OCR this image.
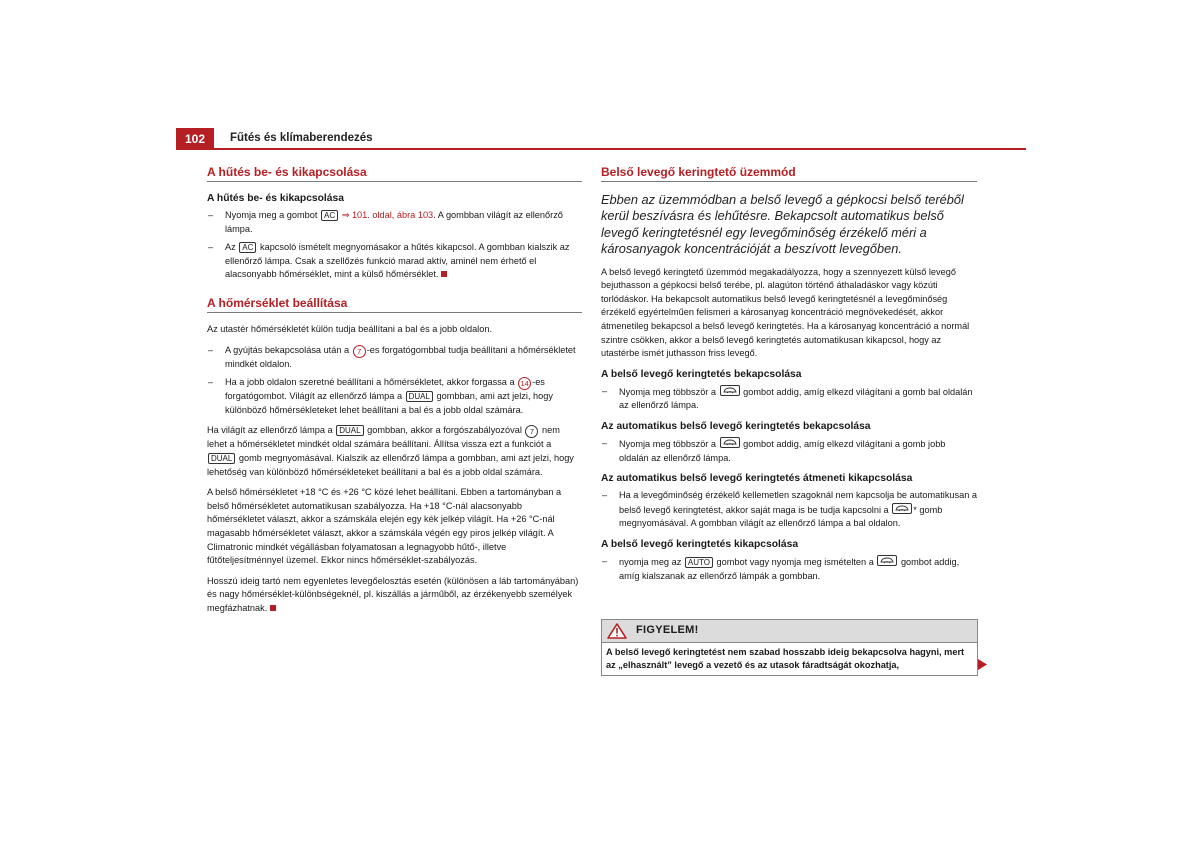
102	Fűtés és klímaberendezés
A hűtés be- és kikapcsolása
A hűtés be- és kikapcsolása
– Nyomja meg a gombot AC ⇒ 101. oldal, ábra 103. A gombban világít az ellenőrző lámpa.
– Az AC kapcsoló ismételt megnyomásakor a hűtés kikapcsol. A gombban kialszik az ellenőrző lámpa. Csak a szellőzés funkció marad aktív, aminél nem érhető el alacsonyabb hőmérséklet, mint a külső hőmérséklet.
A hőmérséklet beállítása

Az utastér hőmérsékletét külön tudja beállítani a bal és a jobb oldalon.

– A gyújtás bekapcsolása után a 7 -es forgatógombbal tudja beállítani a hőmérsékletet mindkét oldalon.
– Ha a jobb oldalon szeretné beállítani a hőmérsékletet, akkor forgassa a 14 -es forgatógombot. Világít az ellenőrző lámpa a DUAL gombban, ami azt jelzi, hogy különböző hőmérsékleteket lehet beállítani a bal és a jobb oldal számára.

Ha világít az ellenőrző lámpa a DUAL gombban, akkor a forgószabályozóval 7 nem lehet a hőmérsékletet mindkét oldal számára beállítani. Állítsa vissza ezt a funkciót a DUAL gomb megnyomásával. Kialszik az ellenőrző lámpa a gombban, ami azt jelzi, hogy lehetőség van különböző hőmérsékleteket beállítani a bal és a jobb oldal számára.

A belső hőmérsékletet +18 °C és +26 °C közé lehet beállítani. Ebben a tartományban a belső hőmérsékletet automatikusan szabályozza. Ha +18 °C-nál alacsonyabb hőmérsékletet választ, akkor a számskála elején egy kék jelkép világít. Ha +26 °C-nál magasabb hőmérsékletet választ, akkor a számskála végén egy piros jelkép világít. A Climatronic mindkét végállásban folyamatosan a legnagyobb hűtő-, illetve fűtőteljesítménnyel üzemel. Ekkor nincs hőmérséklet-szabályozás.

Hosszú ideig tartó nem egyenletes levegőelosztás esetén (különösen a láb tartományában) és nagy hőmérséklet-különbségeknél, pl. kiszállás a járműből, az érzékenyebb személyek megfázhatnak.

Belső levegő keringtető üzemmód

Ebben az üzemmódban a belső levegő a gépkocsi belső teréből kerül beszívásra és lehűtésre. Bekapcsolt automatikus belső levegő keringtetésnél egy levegőminőség érzékelő méri a károsanyagok koncentrációját a beszívott levegőben.

A belső levegő keringtető üzemmód megakadályozza, hogy a szennyezett külső levegő bejuthasson a gépkocsi belső terébe, pl. alagúton történő áthaladáskor vagy közúti torlódáskor. Ha bekapcsolt automatikus belső levegő keringtetésnél a levegőminőség érzékelő egyértelműen felismeri a károsanyag koncentráció megnövekedését, akkor átmenetileg bekapcsol a belső levegő keringtetés. Ha a károsanyag koncentráció a normál szintre csökken, akkor a belső levegő keringtetés automatikusan kikapcsol, hogy az utastérbe ismét juthasson friss levegő.

A belső levegő keringtetés bekapcsolása
– Nyomja meg többször a	gombot addig, amíg elkezd világítani a gomb bal oldalán az ellenőrző lámpa.
Az automatikus belső levegő keringtetés bekapcsolása
– Nyomja meg többször a	gombot addig, amíg elkezd világítani a gomb jobb oldalán az ellenőrző lámpa.
Az automatikus belső levegő keringtetés átmeneti kikapcsolása
– Ha a levegőminőség érzékelő kellemetlen szagoknál nem kapcsolja be automatikusan a belső levegő keringtetést, akkor saját maga is be tudja kapcsolni a	* gomb megnyomásával. A gombban világít az ellenőrző lámpa a bal oldalon.
A belső levegő keringtetés kikapcsolása
– nyomja meg az AUTO gombot vagy nyomja meg ismételten a	gombot addig, amíg kialszanak az ellenőrző lámpák a gombban.
FIGYELEM!
A belső levegő keringtetést nem szabad hosszabb ideig bekapcsolva hagyni, mert az „elhasznált” levegő a vezető és az utasok fáradtságát okozhatja,
